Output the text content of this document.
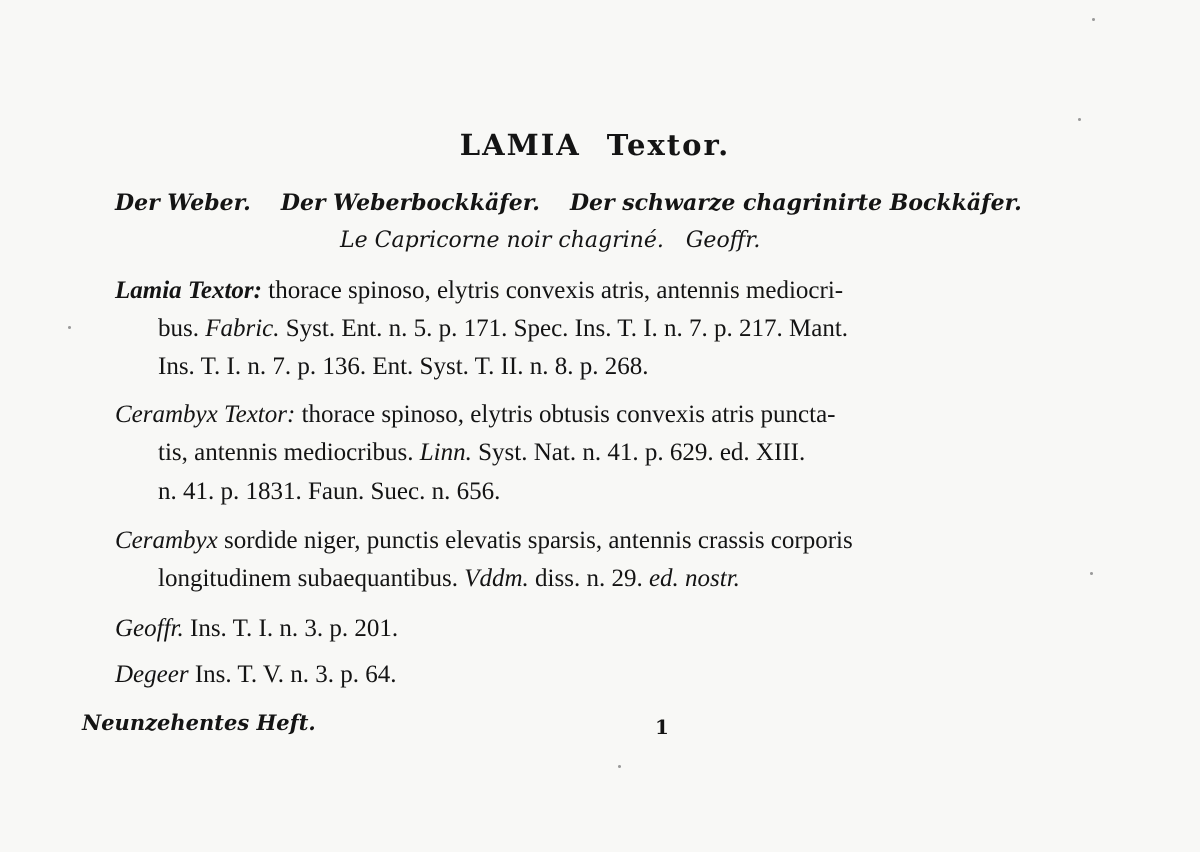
LAMIA Textor.
Der Weber. Der Weberbockkäfer. Der schwarze chagrinirte Bockkäfer.
Le Capricorne noir chagriné. Geoffr.
Lamia Textor: thorace spinoso, elytris convexis atris, antennis mediocri-
bus. Fabric. Syst. Ent. n. 5. p. 171. Spec. Ins. T. I. n. 7. p. 217. Mant.
Ins. T. I. n. 7. p. 136. Ent. Syst. T. II. n. 8. p. 268.
Cerambyx Textor: thorace spinoso, elytris obtusis convexis atris puncta-
tis, antennis mediocribus. Linn. Syst. Nat. n. 41. p. 629. ed. XIII.
n. 41. p. 1831. Faun. Suec. n. 656.
Cerambyx sordide niger, punctis elevatis sparsis, antennis crassis corporis
longitudinem subaequantibus. Vddm. diss. n. 29. ed. nostr.
Geoffr. Ins. T. I. n. 3. p. 201.
Degeer Ins. T. V. n. 3. p. 64.
Neunzehentes Heft.	1
